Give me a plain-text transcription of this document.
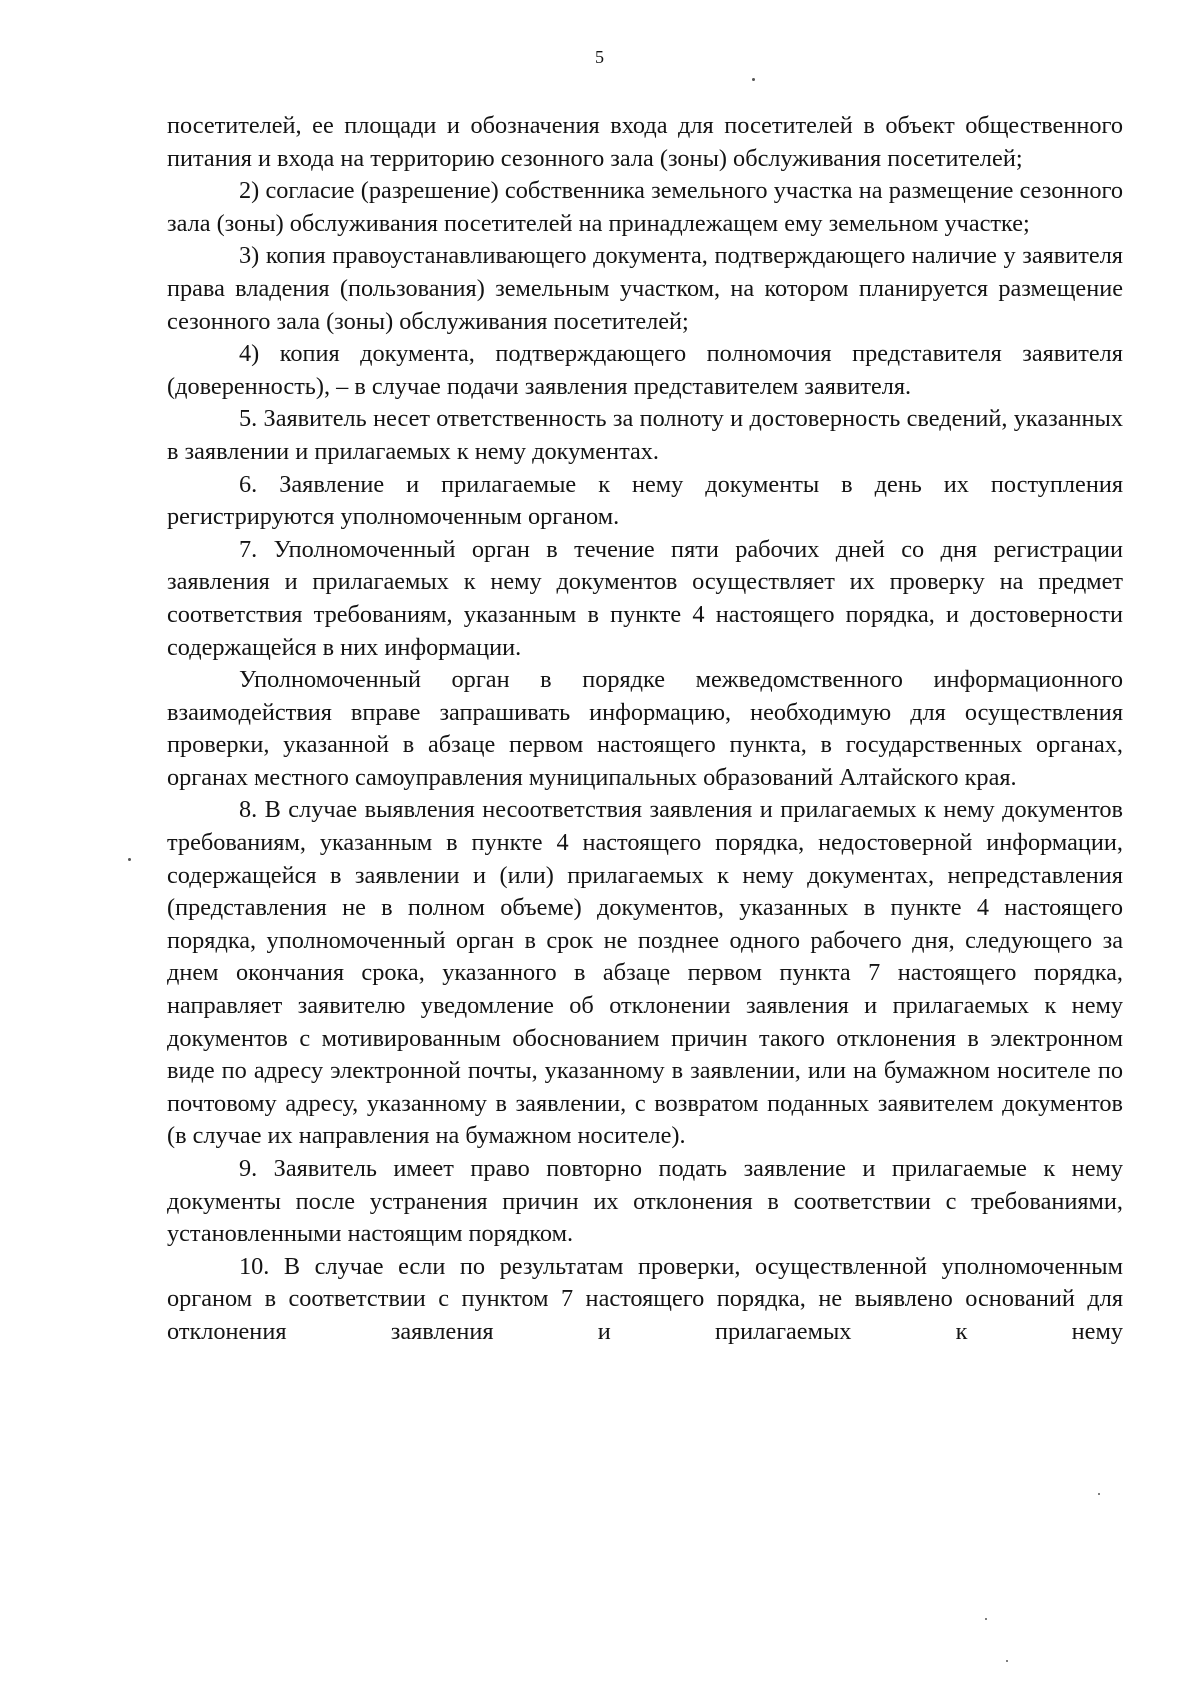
5

посетителей, ее площади и обозначения входа для посетителей в объект общественного питания и входа на территорию сезонного зала (зоны) обслуживания посетителей;

2) согласие (разрешение) собственника земельного участка на размещение сезонного зала (зоны) обслуживания посетителей на принадлежащем ему земельном участке;

3) копия правоустанавливающего документа, подтверждающего наличие у заявителя права владения (пользования) земельным участком, на котором планируется размещение сезонного зала (зоны) обслуживания посетителей;

4) копия документа, подтверждающего полномочия представителя заявителя (доверенность), – в случае подачи заявления представителем заявителя.

5. Заявитель несет ответственность за полноту и достоверность сведений, указанных в заявлении и прилагаемых к нему документах.

6. Заявление и прилагаемые к нему документы в день их поступления регистрируются уполномоченным органом.

7. Уполномоченный орган в течение пяти рабочих дней со дня регистрации заявления и прилагаемых к нему документов осуществляет их проверку на предмет соответствия требованиям, указанным в пункте 4 настоящего порядка, и достоверности содержащейся в них информации.

Уполномоченный орган в порядке межведомственного информационного взаимодействия вправе запрашивать информацию, необходимую для осуществления проверки, указанной в абзаце первом настоящего пункта, в государственных органах, органах местного самоуправления муниципальных образований Алтайского края.

8. В случае выявления несоответствия заявления и прилагаемых к нему документов требованиям, указанным в пункте 4 настоящего порядка, недостоверной информации, содержащейся в заявлении и (или) прилагаемых к нему документах, непредставления (представления не в полном объеме) документов, указанных в пункте 4 настоящего порядка, уполномоченный орган в срок не позднее одного рабочего дня, следующего за днем окончания срока, указанного в абзаце первом пункта 7 настоящего порядка, направляет заявителю уведомление об отклонении заявления и прилагаемых к нему документов с мотивированным обоснованием причин такого отклонения в электронном виде по адресу электронной почты, указанному в заявлении, или на бумажном носителе по почтовому адресу, указанному в заявлении, с возвратом поданных заявителем документов (в случае их направления на бумажном носителе).

9. Заявитель имеет право повторно подать заявление и прилагаемые к нему документы после устранения причин их отклонения в соответствии с требованиями, установленными настоящим порядком.

10. В случае если по результатам проверки, осуществленной уполномоченным органом в соответствии с пунктом 7 настоящего порядка, не выявлено оснований для отклонения заявления и прилагаемых к нему
